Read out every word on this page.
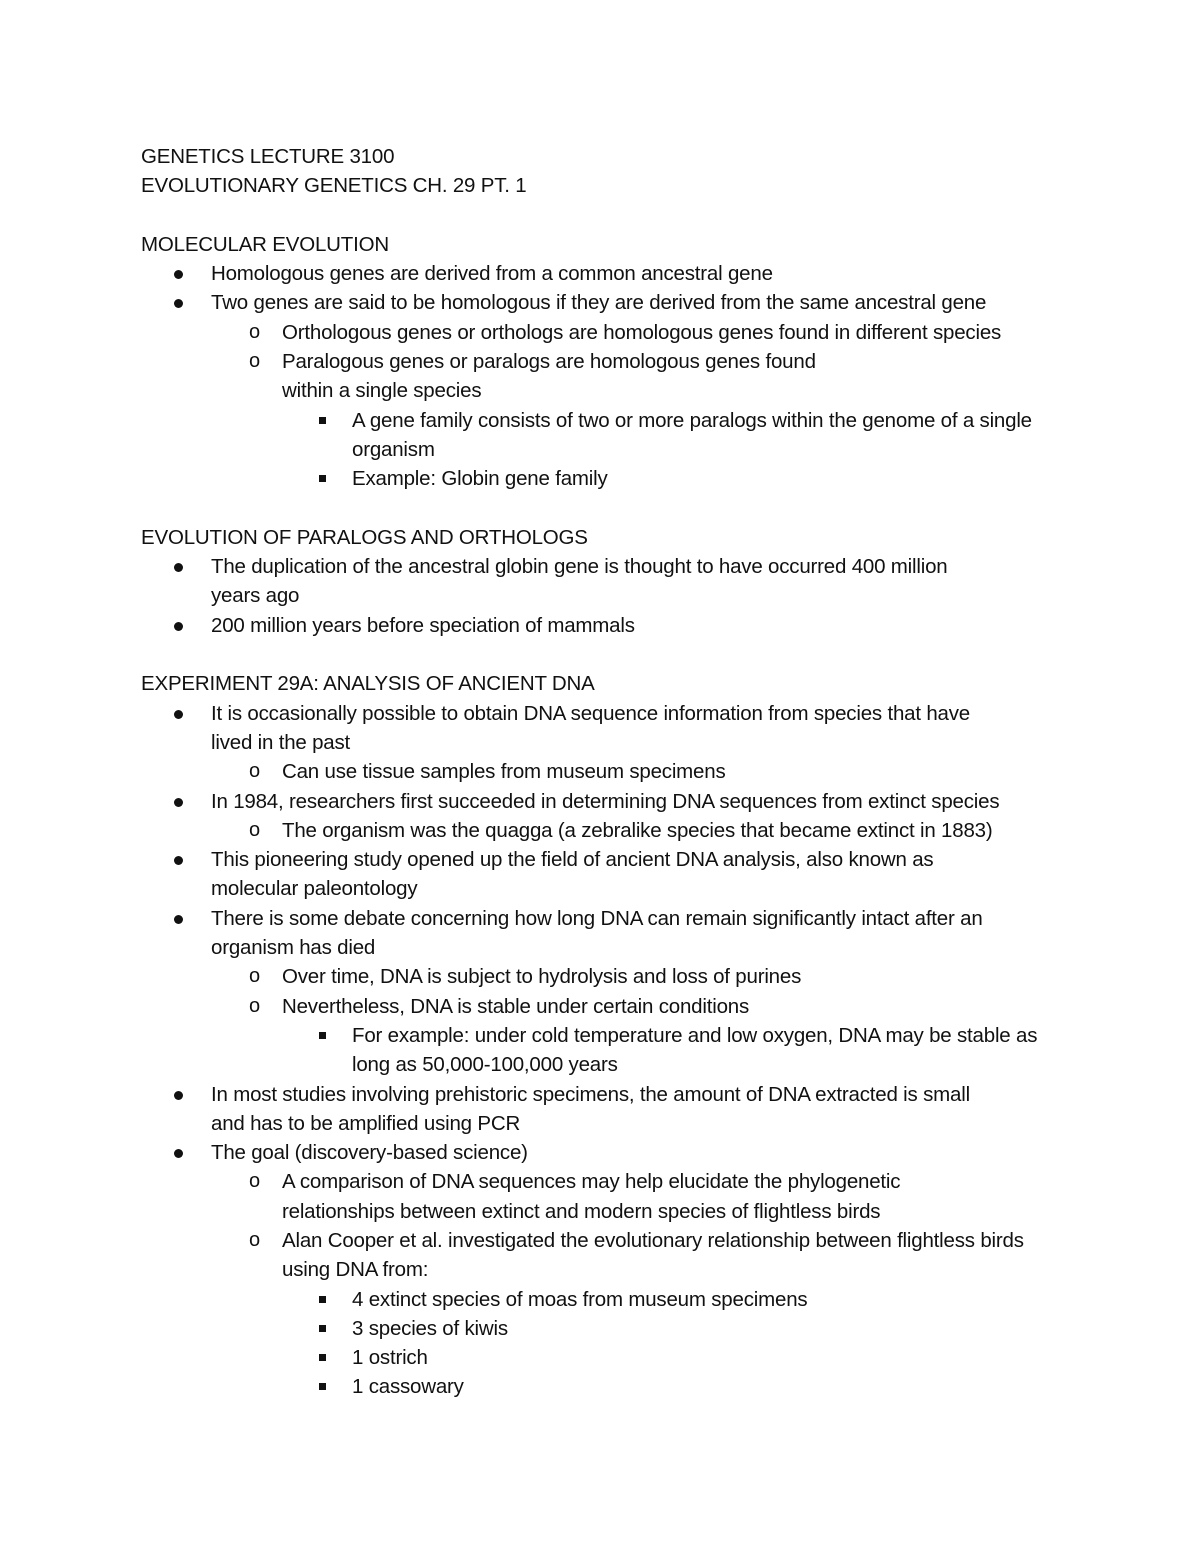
GENETICS LECTURE 3100

EVOLUTIONARY GENETICS CH. 29 PT. 1

MOLECULAR EVOLUTION

Homologous genes are derived from a common ancestral gene
Two genes are said to be homologous if they are derived from the same ancestral gene
o Orthologous genes or orthologs are homologous genes found in different species
o Paralogous genes or paralogs are homologous genes found within a single species
A gene family consists of two or more paralogs within the genome of a single organism
Example: Globin gene family

EVOLUTION OF PARALOGS AND ORTHOLOGS

The duplication of the ancestral globin gene is thought to have occurred 400 million years ago
200 million years before speciation of mammals

EXPERIMENT 29A: ANALYSIS OF ANCIENT DNA

It is occasionally possible to obtain DNA sequence information from species that have lived in the past
o Can use tissue samples from museum specimens
In 1984, researchers first succeeded in determining DNA sequences from extinct species
o The organism was the quagga (a zebralike species that became extinct in 1883)
This pioneering study opened up the field of ancient DNA analysis, also known as molecular paleontology
There is some debate concerning how long DNA can remain significantly intact after an organism has died
o Over time, DNA is subject to hydrolysis and loss of purines
o Nevertheless, DNA is stable under certain conditions
For example: under cold temperature and low oxygen, DNA may be stable as long as 50,000-100,000 years
In most studies involving prehistoric specimens, the amount of DNA extracted is small and has to be amplified using PCR
The goal (discovery-based science)
o A comparison of DNA sequences may help elucidate the phylogenetic relationships between extinct and modern species of flightless birds
o Alan Cooper et al. investigated the evolutionary relationship between flightless birds using DNA from:
4 extinct species of moas from museum specimens
3 species of kiwis
1 ostrich
1 cassowary
